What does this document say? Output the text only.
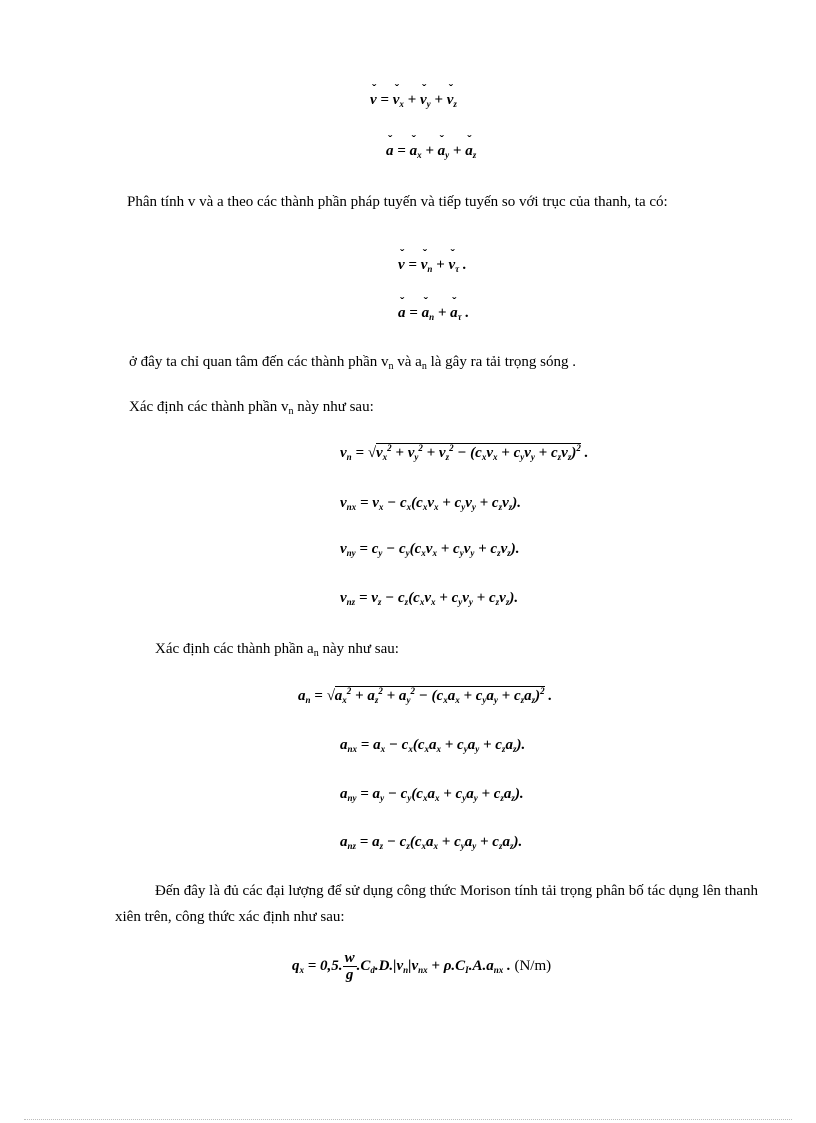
ˇ v = ˇ $v_x$ + ˇ $v_y$ + ˇ $v_z$
ˇ a = ˇ $a_x$ + ˇ $a_y$ + ˇ $a_z$

Phân tính v và a theo các thành phần pháp tuyến và tiếp tuyến so với trục của thanh, ta có:

ˇ v = ˇ $v_n$ + ˇ $v_\tau$ .
ˇ a = ˇ $a_n$ + ˇ $a_\tau$ .

ở đây ta chỉ quan tâm đến các thành phần $v_n$ và $a_n$ là gây ra tải trọng sóng .

Xác định các thành phần $v_n$ này như sau:

$v_n = √v_x^2 + v_y^2 + v_z^2 - (c_xv_x + c_yv_y + c_zv_z)^2$ .
$v_{nx} = v_x - c_x(c_xv_x + c_yv_y + c_zv_z)$.
$v_{ny} = c_y - c_y(c_xv_x + c_yv_y + c_zv_z)$.
$v_{nz} = v_z - c_z(c_xv_x + c_yv_y + c_zv_z)$.

Xác định các thành phần $a_n$ này như sau:

$a_n = √a_x^2 + a_z^2 + a_y^2 - (c_xa_x + c_ya_y + c_za_z)^2$ .
$a_{nx} = a_x - c_x(c_xa_x + c_ya_y + c_za_z)$.
$a_{ny} = a_y - c_y(c_xa_x + c_ya_y + c_za_z)$.
$a_{nz} = a_z - c_z(c_xa_x + c_ya_y + c_za_z)$.

Đến đây là đủ các đại lượng để sử dụng công thức Morison tính tải trọng phân bố tác dụng lên thanh xiên trên, công thức xác định như sau:

$q_x = 0,5$. $\frac{w}{g} .C_d.D.|v_n|v_{nx} + \rho.C_I.A.a_{nx}$ . (N/m)
